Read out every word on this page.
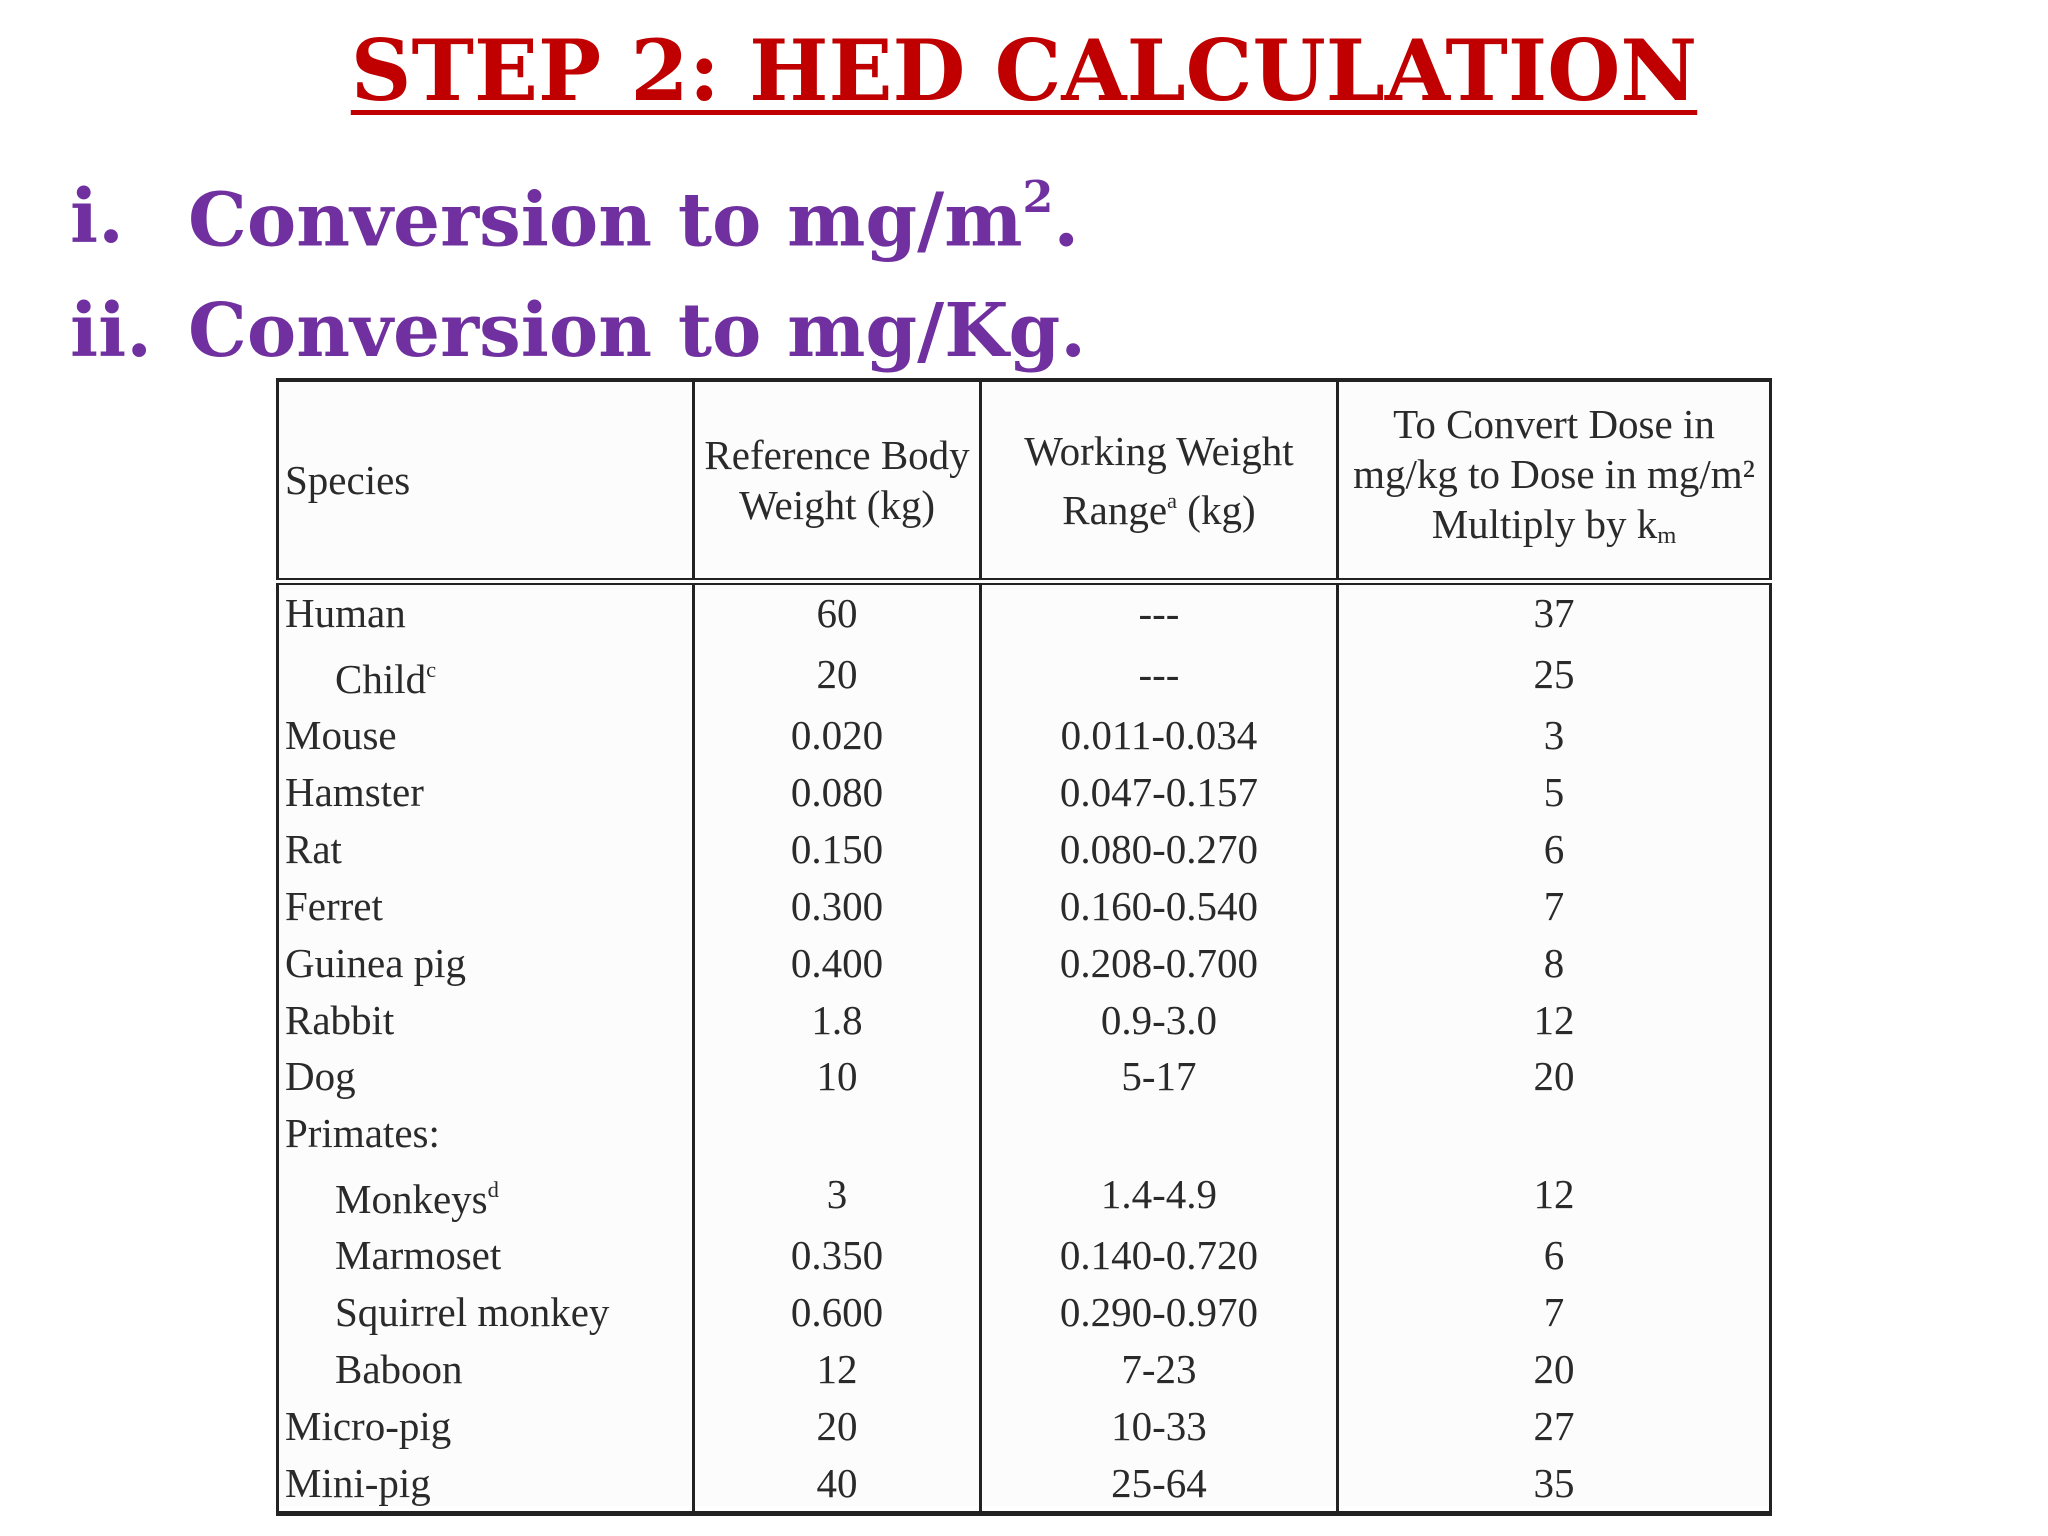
STEP 2: HED CALCULATION
i. Conversion to $mg/m^2$.
ii. Conversion to mg/Kg.
Species	Reference Body Weight (kg)	Working Weight Range$^a$ (kg)	To Convert Dose in mg/kg to Dose in mg/m² Multiply by km
Human	60	---	37
Child$^c$	20	---	25
Mouse	0.020	0.011-0.034	3
Hamster	0.080	0.047-0.157	5
Rat	0.150	0.080-0.270	6
Ferret	0.300	0.160-0.540	7
Guinea pig	0.400	0.208-0.700	8
Rabbit	1.8	0.9-3.0	12
Dog	10	5-17	20
Primates:			
Monkeys$^d$	3	1.4-4.9	12
Marmoset	0.350	0.140-0.720	6
Squirrel monkey	0.600	0.290-0.970	7
Baboon	12	7-23	20
Micro-pig	20	10-33	27
Mini-pig	40	25-64	35
